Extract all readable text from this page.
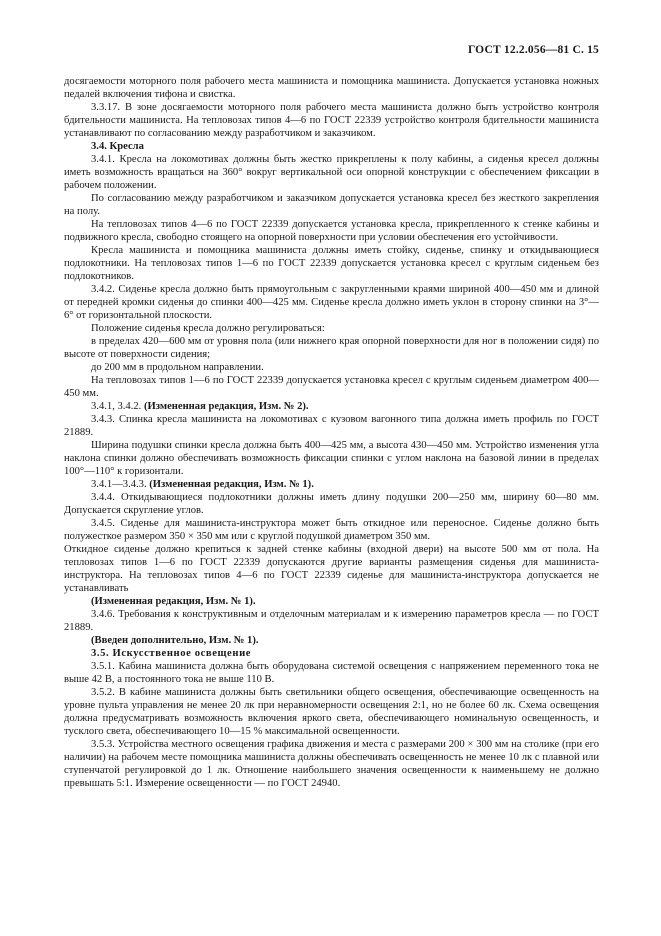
ГОСТ 12.2.056—81 С. 15

досягаемости моторного поля рабочего места машиниста и помощника машиниста. Допускается установка ножных педалей включения тифона и свистка.

3.3.17. В зоне досягаемости моторного поля рабочего места машиниста должно быть устройство контроля бдительности машиниста. На тепловозах типов 4—6 по ГОСТ 22339 устройство контроля бдительности машиниста устанавливают по согласованию между разработчиком и заказчиком.

3.4. Кресла

3.4.1. Кресла на локомотивах должны быть жестко прикреплены к полу кабины, а сиденья кресел должны иметь возможность вращаться на 360° вокруг вертикальной оси опорной конструкции с обеспечением фиксации в рабочем положении.

По согласованию между разработчиком и заказчиком допускается установка кресел без жесткого закрепления на полу.

На тепловозах типов 4—6 по ГОСТ 22339 допускается установка кресла, прикрепленного к стенке кабины и подвижного кресла, свободно стоящего на опорной поверхности при условии обеспечения его устойчивости.

Кресла машиниста и помощника машиниста должны иметь стойку, сиденье, спинку и откидывающиеся подлокотники. На тепловозах типов 1—6 по ГОСТ 22339 допускается установка кресел с круглым сиденьем без подлокотников.

3.4.2. Сиденье кресла должно быть прямоугольным с закругленными краями шириной 400—450 мм и длиной от передней кромки сиденья до спинки 400—425 мм. Сиденье кресла должно иметь уклон в сторону спинки на 3°—6° от горизонтальной плоскости.

Положение сиденья кресла должно регулироваться:

в пределах 420—600 мм от уровня пола (или нижнего края опорной поверхности для ног в положении сидя) по высоте от поверхности сидения;

до 200 мм в продольном направлении.

На тепловозах типов 1—6 по ГОСТ 22339 допускается установка кресел с круглым сиденьем диаметром 400—450 мм.

3.4.1, 3.4.2. (Измененная редакция, Изм. № 2).

3.4.3. Спинка кресла машиниста на локомотивах с кузовом вагонного типа должна иметь профиль по ГОСТ 21889.

Ширина подушки спинки кресла должна быть 400—425 мм, а высота 430—450 мм. Устройство изменения угла наклона спинки должно обеспечивать возможность фиксации спинки с углом наклона на базовой линии в пределах 100°—110° к горизонтали.

3.4.1—3.4.3. (Измененная редакция, Изм. № 1).

3.4.4. Откидывающиеся подлокотники должны иметь длину подушки 200—250 мм, ширину 60—80 мм. Допускается скругление углов.

3.4.5. Сиденье для машиниста-инструктора может быть откидное или переносное. Сиденье должно быть полужесткое размером 350 × 350 мм или с круглой подушкой диаметром 350 мм.

Откидное сиденье должно крепиться к задней стенке кабины (входной двери) на высоте 500 мм от пола. На тепловозах типов 1—6 по ГОСТ 22339 допускаются другие варианты размещения сиденья для машиниста-инструктора. На тепловозах типов 4—6 по ГОСТ 22339 сиденье для машиниста-инструктора допускается не устанавливать

(Измененная редакция, Изм. № 1).

3.4.6. Требования к конструктивным и отделочным материалам и к измерению параметров кресла — по ГОСТ 21889.

(Введен дополнительно, Изм. № 1).

3.5. Искусственное освещение

3.5.1. Кабина машиниста должна быть оборудована системой освещения с напряжением переменного тока не выше 42 В, а постоянного тока не выше 110 В.

3.5.2. В кабине машиниста должны быть светильники общего освещения, обеспечивающие освещенность на уровне пульта управления не менее 20 лк при неравномерности освещения 2:1, но не более 60 лк. Схема освещения должна предусматривать возможность включения яркого света, обеспечивающего номинальную освещенность, и тусклого света, обеспечивающего 10—15 % максимальной освещенности.

3.5.3. Устройства местного освещения графика движения и места с размерами 200 × 300 мм на столике (при его наличии) на рабочем месте помощника машиниста должны обеспечивать освещенность не менее 10 лк с плавной или ступенчатой регулировкой до 1 лк. Отношение наибольшего значения освещенности к наименьшему не должно превышать 5:1. Измерение освещенности — по ГОСТ 24940.
